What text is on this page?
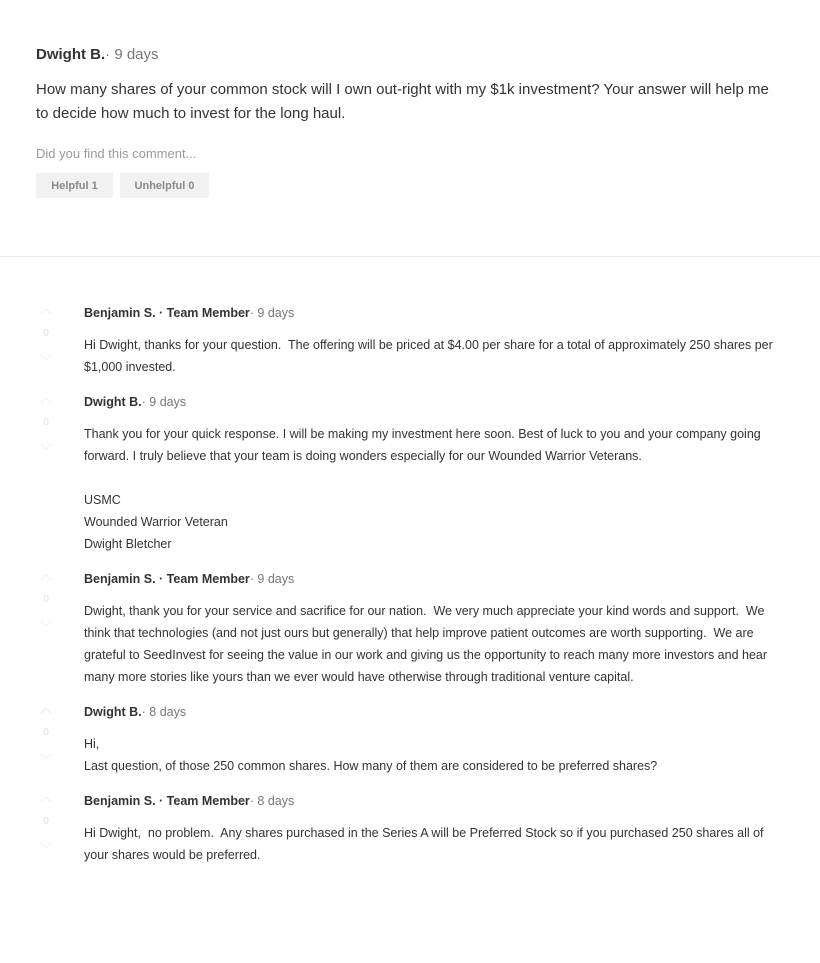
Dwight B. · 9 days
How many shares of your common stock will I own out-right with my $1k investment? Your answer will help me to decide how much to invest for the long haul.
Did you find this comment...
Helpful 1	Unhelpful 0
0
Benjamin S. · Team Member · 9 days
Hi Dwight, thanks for your question.  The offering will be priced at $4.00 per share for a total of approximately 250 shares per $1,000 invested.
0
Dwight B. · 9 days
Thank you for your quick response. I will be making my investment here soon. Best of luck to you and your company going forward. I truly believe that your team is doing wonders especially for our Wounded Warrior Veterans.

USMC
Wounded Warrior Veteran
Dwight Bletcher
0
Benjamin S. · Team Member · 9 days
Dwight, thank you for your service and sacrifice for our nation.  We very much appreciate your kind words and support.  We think that technologies (and not just ours but generally) that help improve patient outcomes are worth supporting.  We are grateful to SeedInvest for seeing the value in our work and giving us the opportunity to reach many more investors and hear many more stories like yours than we ever would have otherwise through traditional venture capital.
0
Dwight B. · 8 days
Hi,
Last question, of those 250 common shares. How many of them are considered to be preferred shares?
0
Benjamin S. · Team Member · 8 days
Hi Dwight,  no problem.  Any shares purchased in the Series A will be Preferred Stock so if you purchased 250 shares all of your shares would be preferred.
